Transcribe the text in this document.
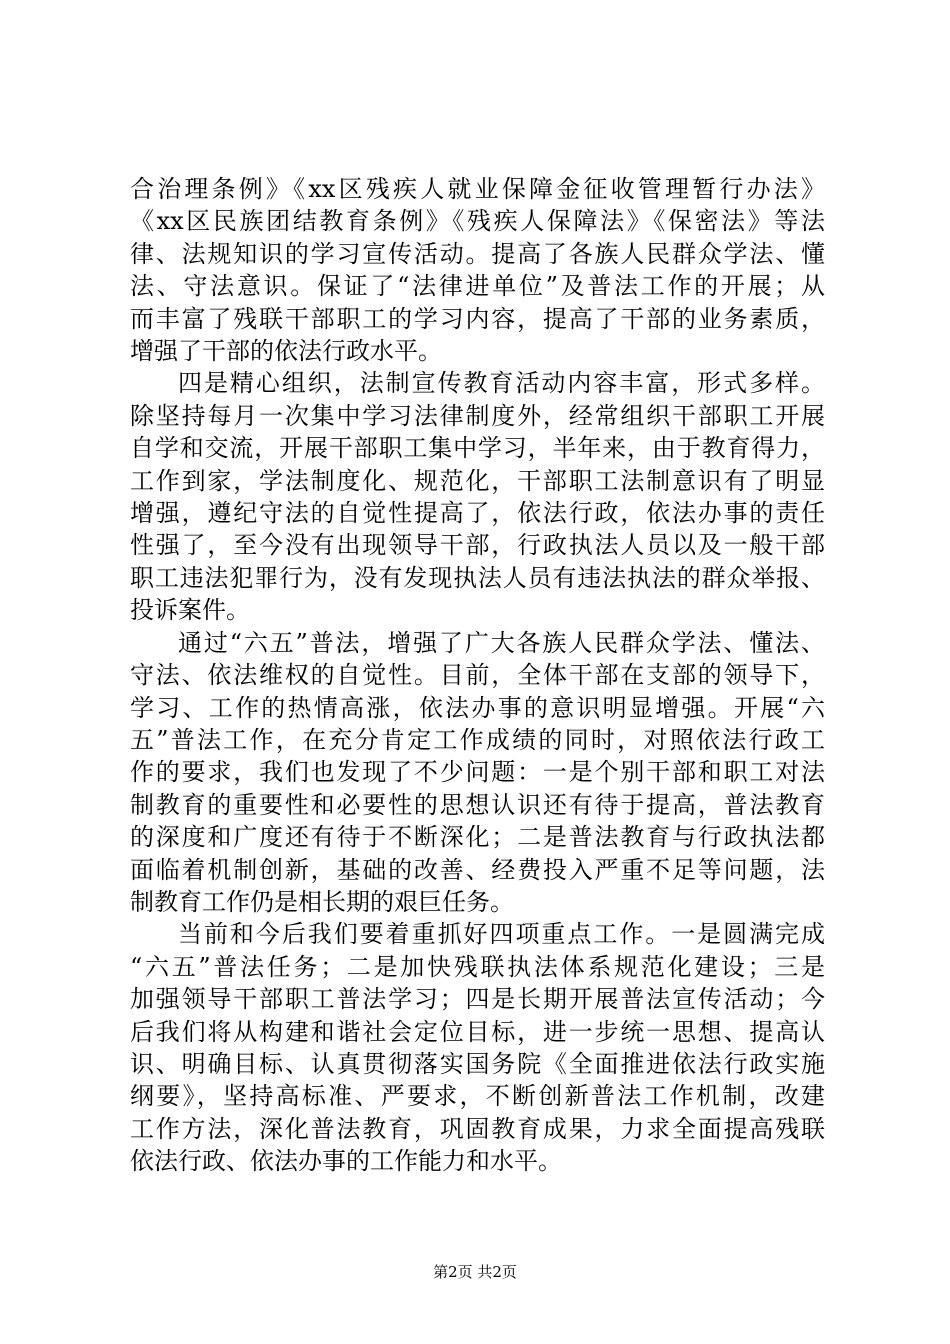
合治理条例》《xx区残疾人就业保障金征收管理暂行办法》
《xx区民族团结教育条例》《残疾人保障法》《保密法》等法
律、法规知识的学习宣传活动。提高了各族人民群众学法、懂
法、守法意识。保证了“法律进单位”及普法工作的开展；从
而丰富了残联干部职工的学习内容，提高了干部的业务素质，
增强了干部的依法行政水平。
四是精心组织，法制宣传教育活动内容丰富，形式多样。
除坚持每月一次集中学习法律制度外，经常组织干部职工开展
自学和交流，开展干部职工集中学习，半年来，由于教育得力，
工作到家，学法制度化、规范化，干部职工法制意识有了明显
增强，遵纪守法的自觉性提高了，依法行政，依法办事的责任
性强了，至今没有出现领导干部，行政执法人员以及一般干部
职工违法犯罪行为，没有发现执法人员有违法执法的群众举报、
投诉案件。
通过“六五”普法，增强了广大各族人民群众学法、懂法、
守法、依法维权的自觉性。目前，全体干部在支部的领导下，
学习、工作的热情高涨，依法办事的意识明显增强。开展“六
五”普法工作，在充分肯定工作成绩的同时，对照依法行政工
作的要求，我们也发现了不少问题：一是个别干部和职工对法
制教育的重要性和必要性的思想认识还有待于提高，普法教育
的深度和广度还有待于不断深化；二是普法教育与行政执法都
面临着机制创新，基础的改善、经费投入严重不足等问题，法
制教育工作仍是相长期的艰巨任务。
当前和今后我们要着重抓好四项重点工作。一是圆满完成
“六五”普法任务；二是加快残联执法体系规范化建设；三是
加强领导干部职工普法学习；四是长期开展普法宣传活动；今
后我们将从构建和谐社会定位目标，进一步统一思想、提高认
识、明确目标、认真贯彻落实国务院《全面推进依法行政实施
纲要》，坚持高标准、严要求，不断创新普法工作机制，改建
工作方法，深化普法教育，巩固教育成果，力求全面提高残联
依法行政、依法办事的工作能力和水平。
第2页 共2页
